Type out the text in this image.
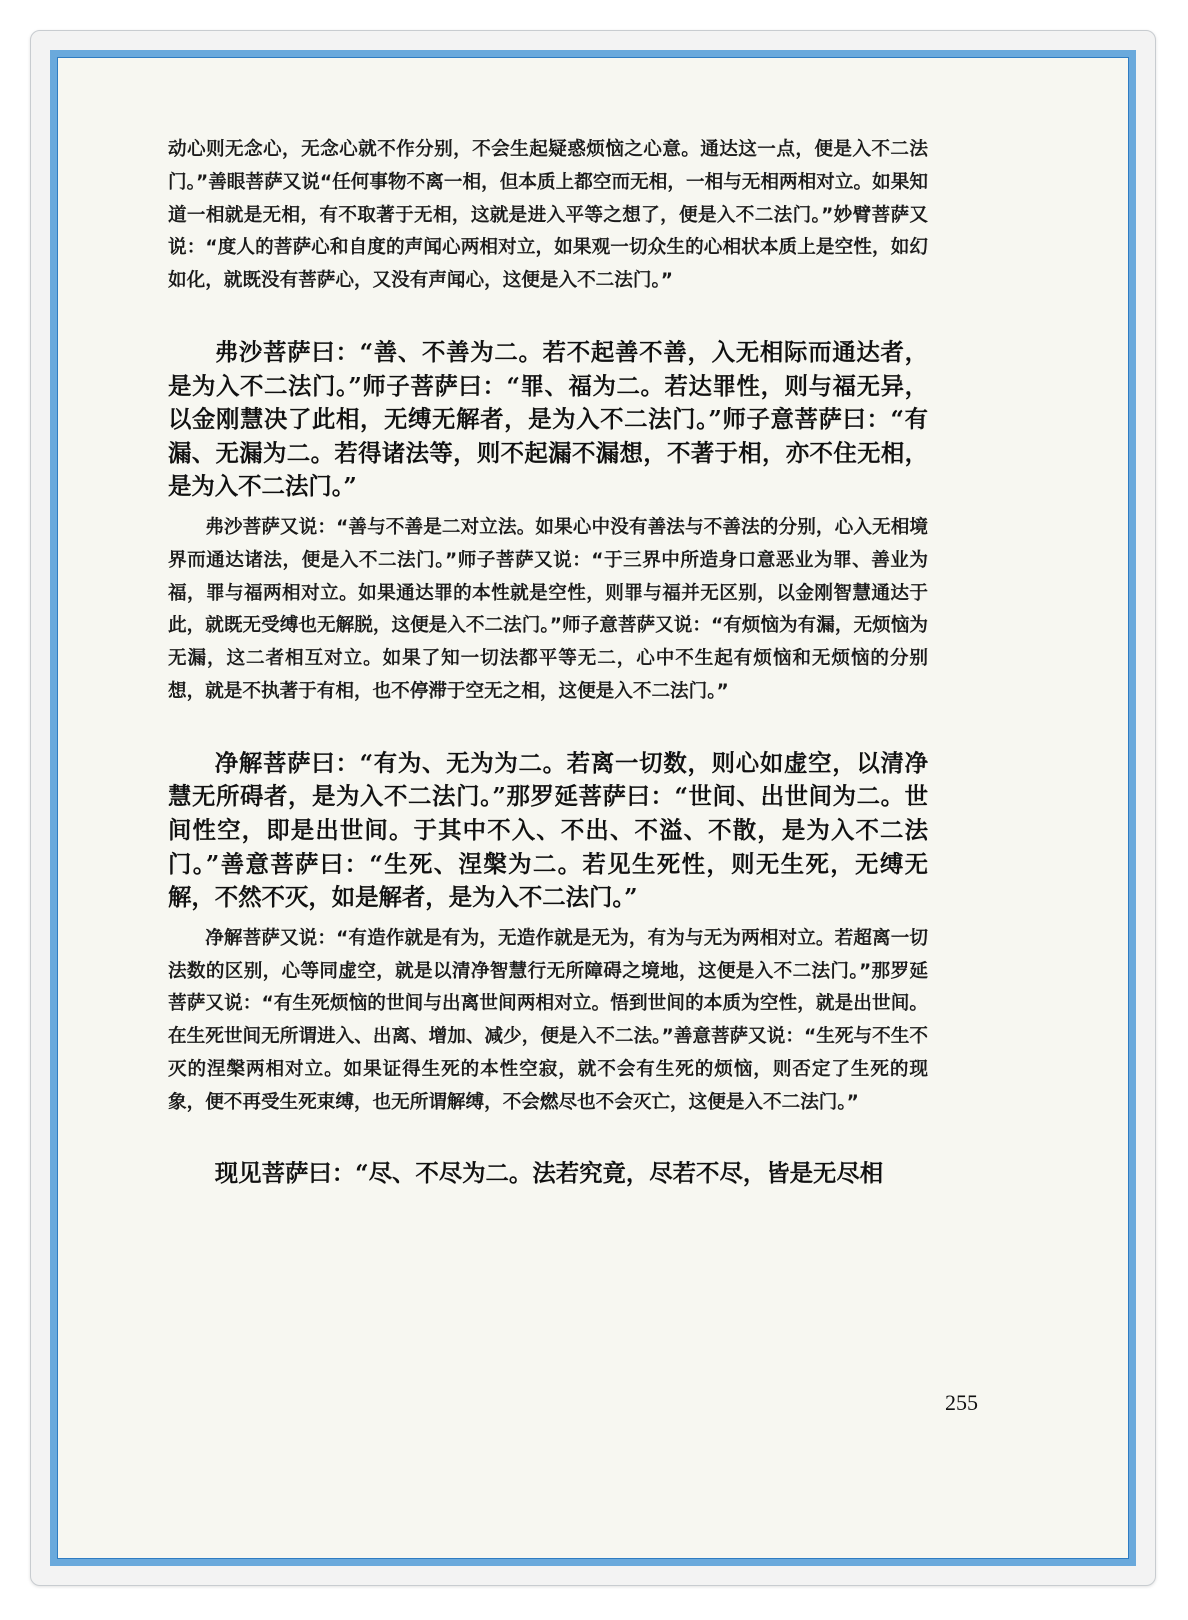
动心则无念心，无念心就不作分别，不会生起疑惑烦恼之心意。通达这一点，便是入不二法门。”善眼菩萨又说“任何事物不离一相，但本质上都空而无相，一相与无相两相对立。如果知道一相就是无相，有不取著于无相，这就是进入平等之想了，便是入不二法门。”妙臂菩萨又说：“度人的菩萨心和自度的声闻心两相对立，如果观一切众生的心相状本质上是空性，如幻如化，就既没有菩萨心，又没有声闻心，这便是入不二法门。”

弗沙菩萨曰：“善、不善为二。若不起善不善，入无相际而通达者，是为入不二法门。”师子菩萨曰：“罪、福为二。若达罪性，则与福无异，以金刚慧决了此相，无缚无解者，是为入不二法门。”师子意菩萨曰：“有漏、无漏为二。若得诸法等，则不起漏不漏想，不著于相，亦不住无相，是为入不二法门。”

弗沙菩萨又说：“善与不善是二对立法。如果心中没有善法与不善法的分别，心入无相境界而通达诸法，便是入不二法门。”师子菩萨又说：“于三界中所造身口意恶业为罪、善业为福，罪与福两相对立。如果通达罪的本性就是空性，则罪与福并无区别，以金刚智慧通达于此，就既无受缚也无解脱，这便是入不二法门。”师子意菩萨又说：“有烦恼为有漏，无烦恼为无漏，这二者相互对立。如果了知一切法都平等无二，心中不生起有烦恼和无烦恼的分别想，就是不执著于有相，也不停滞于空无之相，这便是入不二法门。”

净解菩萨曰：“有为、无为为二。若离一切数，则心如虚空，以清净慧无所碍者，是为入不二法门。”那罗延菩萨曰：“世间、出世间为二。世间性空，即是出世间。于其中不入、不出、不溢、不散，是为入不二法门。”善意菩萨曰：“生死、涅槃为二。若见生死性，则无生死，无缚无解，不然不灭，如是解者，是为入不二法门。”

净解菩萨又说：“有造作就是有为，无造作就是无为，有为与无为两相对立。若超离一切法数的区别，心等同虚空，就是以清净智慧行无所障碍之境地，这便是入不二法门。”那罗延菩萨又说：“有生死烦恼的世间与出离世间两相对立。悟到世间的本质为空性，就是出世间。在生死世间无所谓进入、出离、增加、减少，便是入不二法。”善意菩萨又说：“生死与不生不灭的涅槃两相对立。如果证得生死的本性空寂，就不会有生死的烦恼，则否定了生死的现象，便不再受生死束缚，也无所谓解缚，不会燃尽也不会灭亡，这便是入不二法门。”

现见菩萨曰：“尽、不尽为二。法若究竟，尽若不尽，皆是无尽相

255
